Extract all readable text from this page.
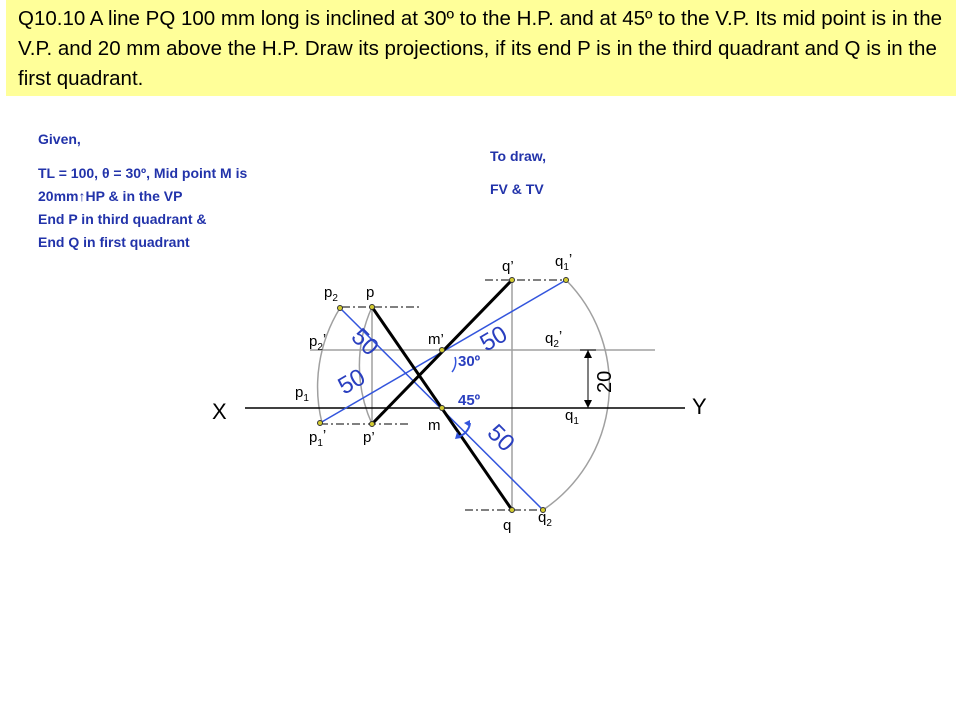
Q10.10 A line PQ 100 mm long is inclined at 30º to the H.P. and at 45º to the V.P. Its mid point is in the V.P. and 20 mm above the H.P. Draw its projections, if its end P is in the third quadrant and Q is in the first quadrant.
Given,
TL = 100, θ = 30º, Mid point M is
20mm↑HP & in the VP
End P in third quadrant &
End Q in first quadrant
To draw,
FV & TV
X	Y
$p_2$ p
$p_2$’
$p_1$
$p_1$’ p’
m’
m
q’	$q_1$’
$q_2$’
$q_1$
q $q_2$
30º
45º
50
50
50
50
20
